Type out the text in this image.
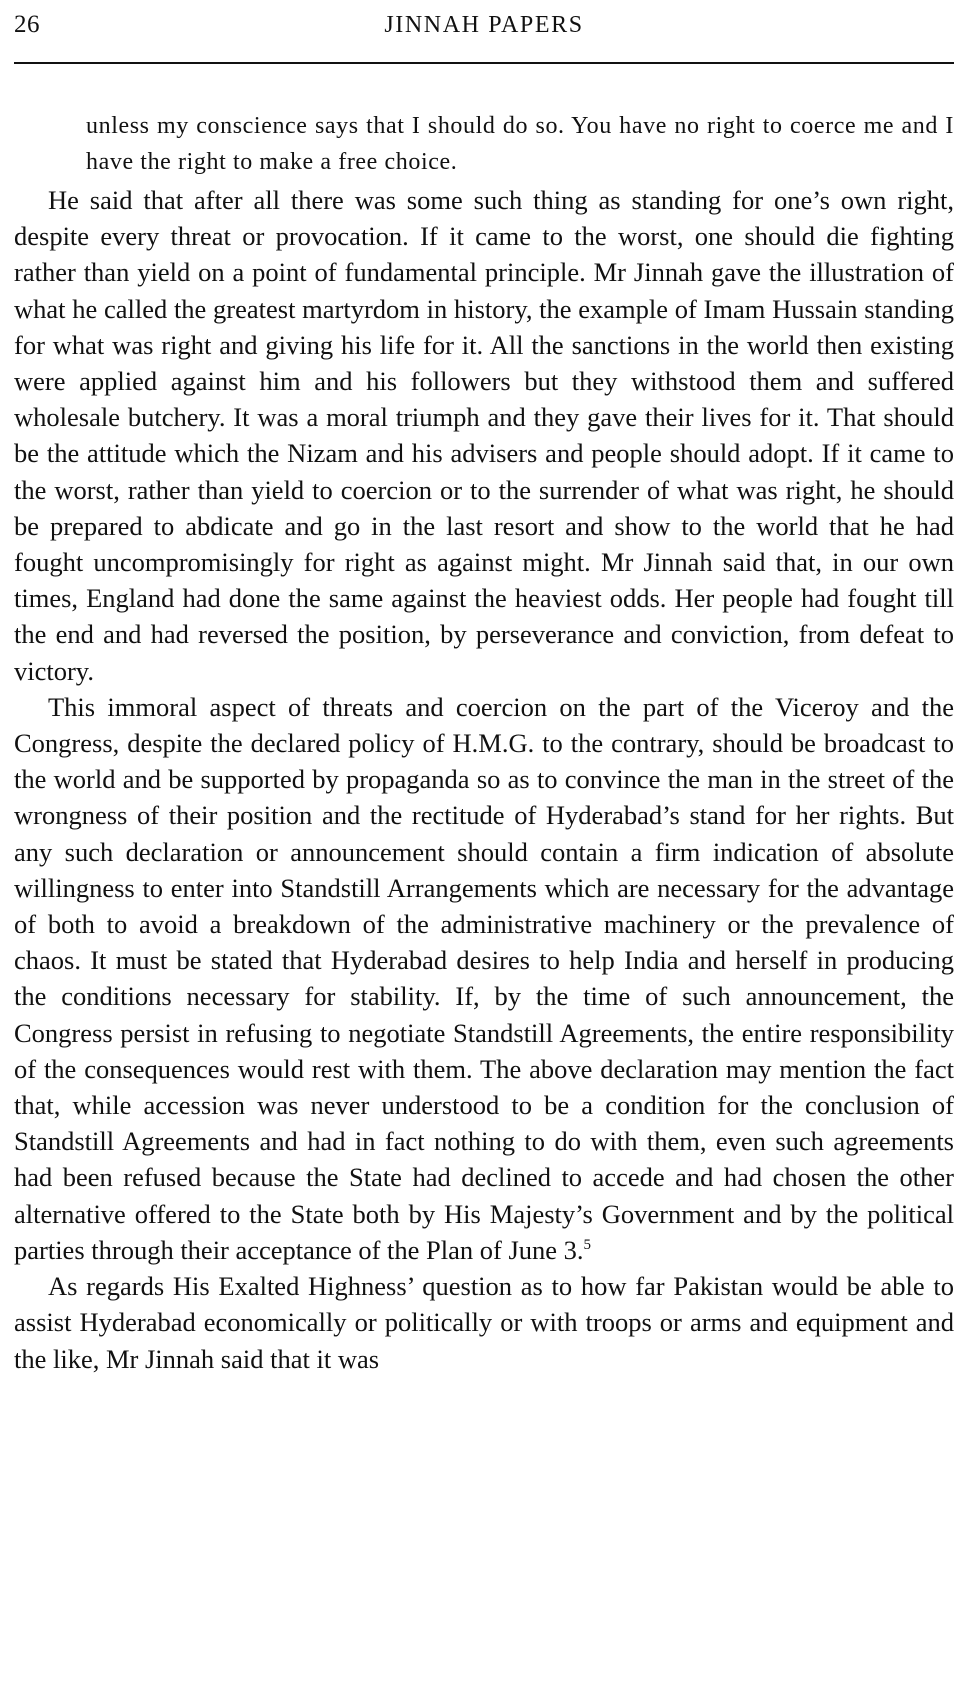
26	JINNAH PAPERS

unless my conscience says that I should do so. You have no right to coerce me and I have the right to make a free choice.

He said that after all there was some such thing as standing for one’s own right, despite every threat or provocation. If it came to the worst, one should die fighting rather than yield on a point of fundamental principle. Mr Jinnah gave the illustration of what he called the greatest martyrdom in history, the example of Imam Hussain standing for what was right and giving his life for it. All the sanctions in the world then existing were applied against him and his followers but they withstood them and suffered wholesale butchery. It was a moral triumph and they gave their lives for it. That should be the attitude which the Nizam and his advisers and people should adopt. If it came to the worst, rather than yield to coercion or to the surrender of what was right, he should be prepared to abdicate and go in the last resort and show to the world that he had fought uncompromisingly for right as against might. Mr Jinnah said that, in our own times, England had done the same against the heaviest odds. Her people had fought till the end and had reversed the position, by perseverance and conviction, from defeat to victory.

This immoral aspect of threats and coercion on the part of the Viceroy and the Congress, despite the declared policy of H.M.G. to the contrary, should be broadcast to the world and be supported by propaganda so as to convince the man in the street of the wrongness of their position and the rectitude of Hyderabad’s stand for her rights. But any such declaration or announcement should contain a firm indication of absolute willingness to enter into Standstill Arrangements which are necessary for the advantage of both to avoid a breakdown of the administrative machinery or the prevalence of chaos. It must be stated that Hyderabad desires to help India and herself in producing the conditions necessary for stability. If, by the time of such announcement, the Congress persist in refusing to negotiate Standstill Agreements, the entire responsibility of the consequences would rest with them. The above declaration may mention the fact that, while accession was never understood to be a condition for the conclusion of Standstill Agreements and had in fact nothing to do with them, even such agreements had been refused because the State had declined to accede and had chosen the other alternative offered to the State both by His Majesty’s Government and by the political parties through their acceptance of the Plan of June 3.$^5$

As regards His Exalted Highness’ question as to how far Pakistan would be able to assist Hyderabad economically or politically or with troops or arms and equipment and the like, Mr Jinnah said that it was
